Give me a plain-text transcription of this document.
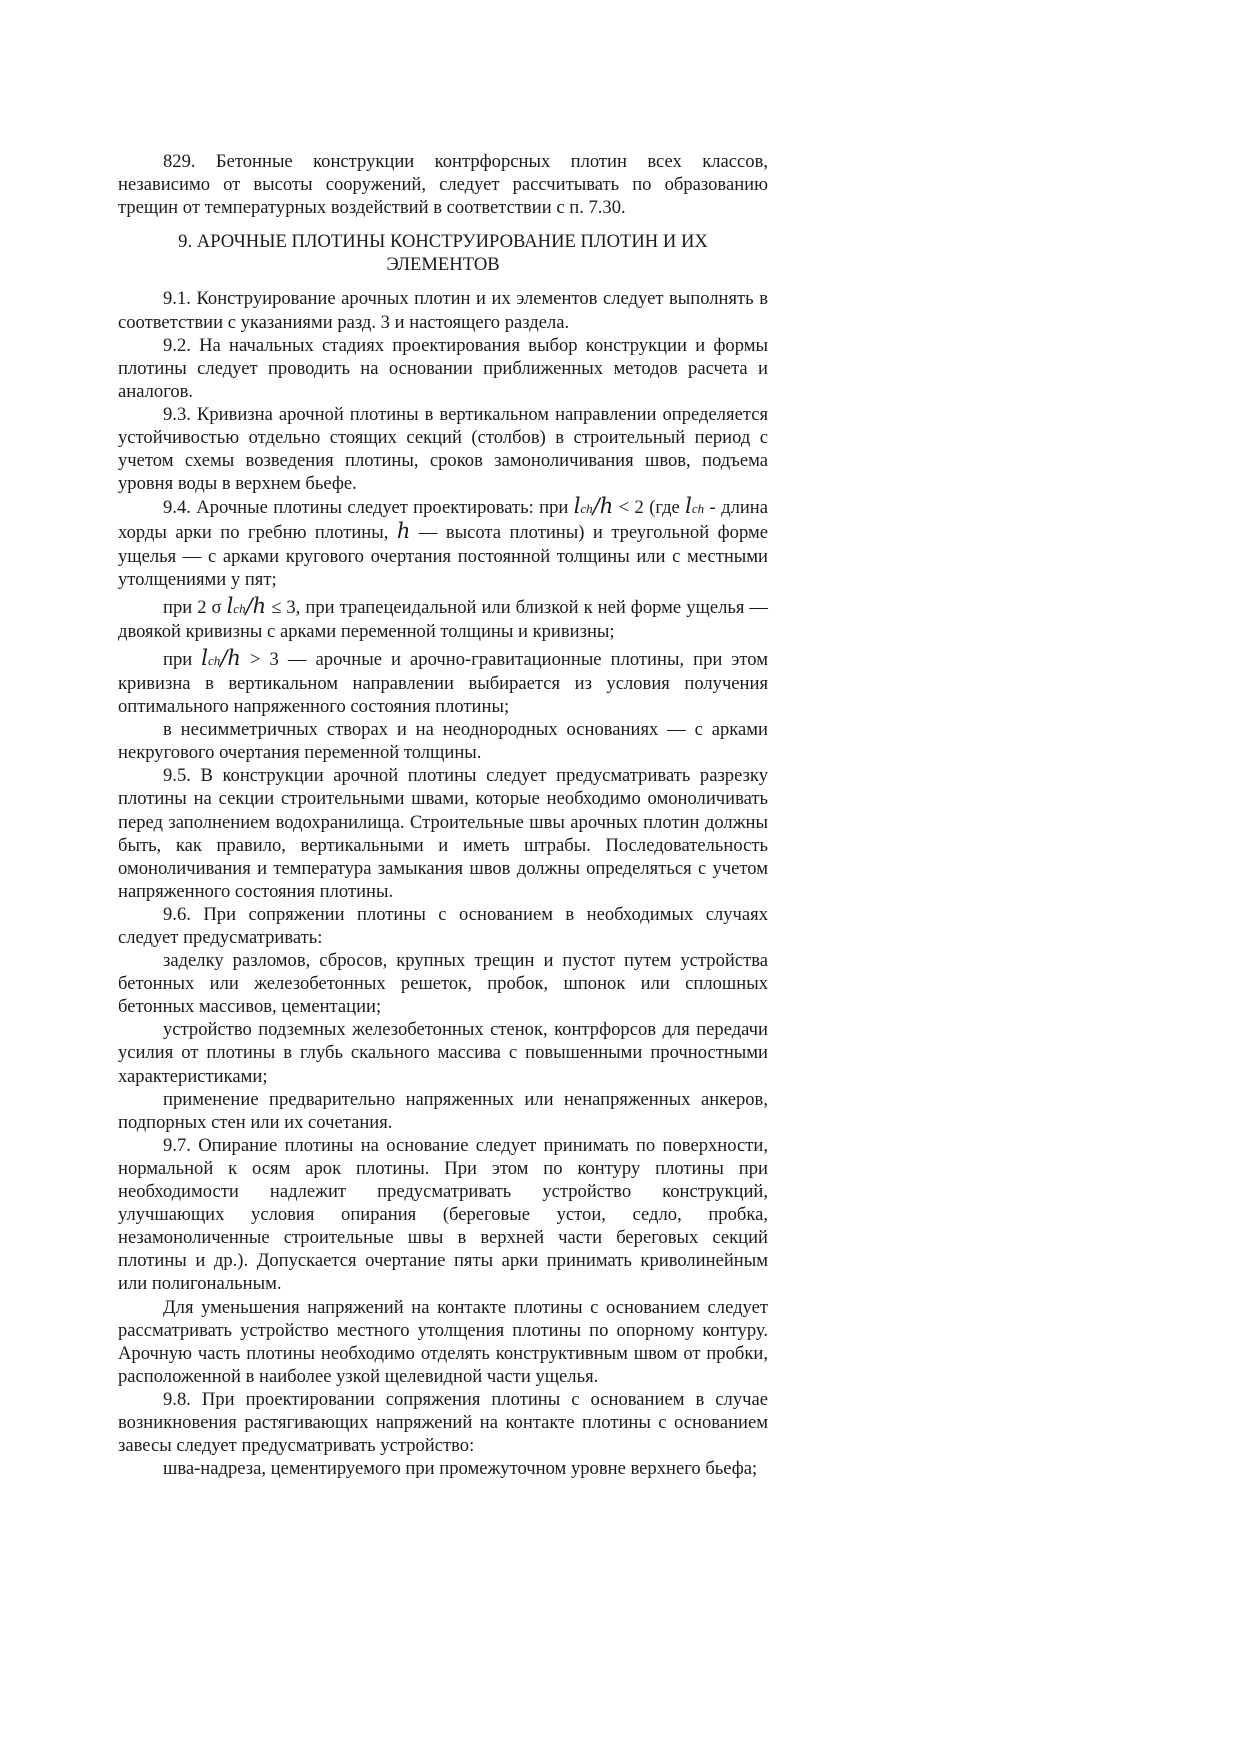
829. Бетонные конструкции контрфорсных плотин всех классов, независимо от высоты сооружений, следует рассчитывать по образованию трещин от температурных воздействий в соответствии с п. 7.30.

9. АРОЧНЫЕ ПЛОТИНЫ КОНСТРУИРОВАНИЕ ПЛОТИН И ИХ ЭЛЕМЕНТОВ

9.1. Конструирование арочных плотин и их элементов следует выполнять в соответствии с указаниями разд. 3 и настоящего раздела.

9.2. На начальных стадиях проектирования выбор конструкции и формы плотины следует проводить на основании приближенных методов расчета и аналогов.

9.3. Кривизна арочной плотины в вертикальном направлении определяется устойчивостью отдельно стоящих секций (столбов) в строительный период с учетом схемы возведения плотины, сроков замоноличивания швов, подъема уровня воды в верхнем бьефе.

9.4. Арочные плотины следует проектировать: при lch/h < 2 (где lch - длина хорды арки по гребню плотины, h — высота плотины) и треугольной форме ущелья — с арками кругового очертания постоянной толщины или с местными утолщениями у пят;

при 2 σ lch/h ≤ 3, при трапецеидальной или близкой к ней форме ущелья — двоякой кривизны с арками переменной толщины и кривизны;

при lch/h > 3 — арочные и арочно-гравитационные плотины, при этом кривизна в вертикальном направлении выбирается из условия получения оптимального напряженного состояния плотины;

в несимметричных створах и на неоднородных основаниях — с арками некругового очертания переменной толщины.

9.5. В конструкции арочной плотины следует предусматривать разрезку плотины на секции строительными швами, которые необходимо омоноличивать перед заполнением водохранилища. Строительные швы арочных плотин должны быть, как правило, вертикальными и иметь штрабы. Последовательность омоноличивания и температура замыкания швов должны определяться с учетом напряженного состояния плотины.

9.6. При сопряжении плотины с основанием в необходимых случаях следует предусматривать:

заделку разломов, сбросов, крупных трещин и пустот путем устройства бетонных или железобетонных решеток, пробок, шпонок или сплошных бетонных массивов, цементации;

устройство подземных железобетонных стенок, контрфорсов для передачи усилия от плотины в глубь скального массива с повышенными прочностными характеристиками;

применение предварительно напряженных или ненапряженных анкеров, подпорных стен или их сочетания.

9.7. Опирание плотины на основание следует принимать по поверхности, нормальной к осям арок плотины. При этом по контуру плотины при необходимости надлежит предусматривать устройство конструкций, улучшающих условия опирания (береговые устои, седло, пробка, незамоноличенные строительные швы в верхней части береговых секций плотины и др.). Допускается очертание пяты арки принимать криволинейным или полигональным.

Для уменьшения напряжений на контакте плотины с основанием следует рассматривать устройство местного утолщения плотины по опорному контуру. Арочную часть плотины необходимо отделять конструктивным швом от пробки, расположенной в наиболее узкой щелевидной части ущелья.

9.8. При проектировании сопряжения плотины с основанием в случае возникновения растягивающих напряжений на контакте плотины с основанием завесы следует предусматривать устройство:

шва-надреза, цементируемого при промежуточном уровне верхнего бьефа;
